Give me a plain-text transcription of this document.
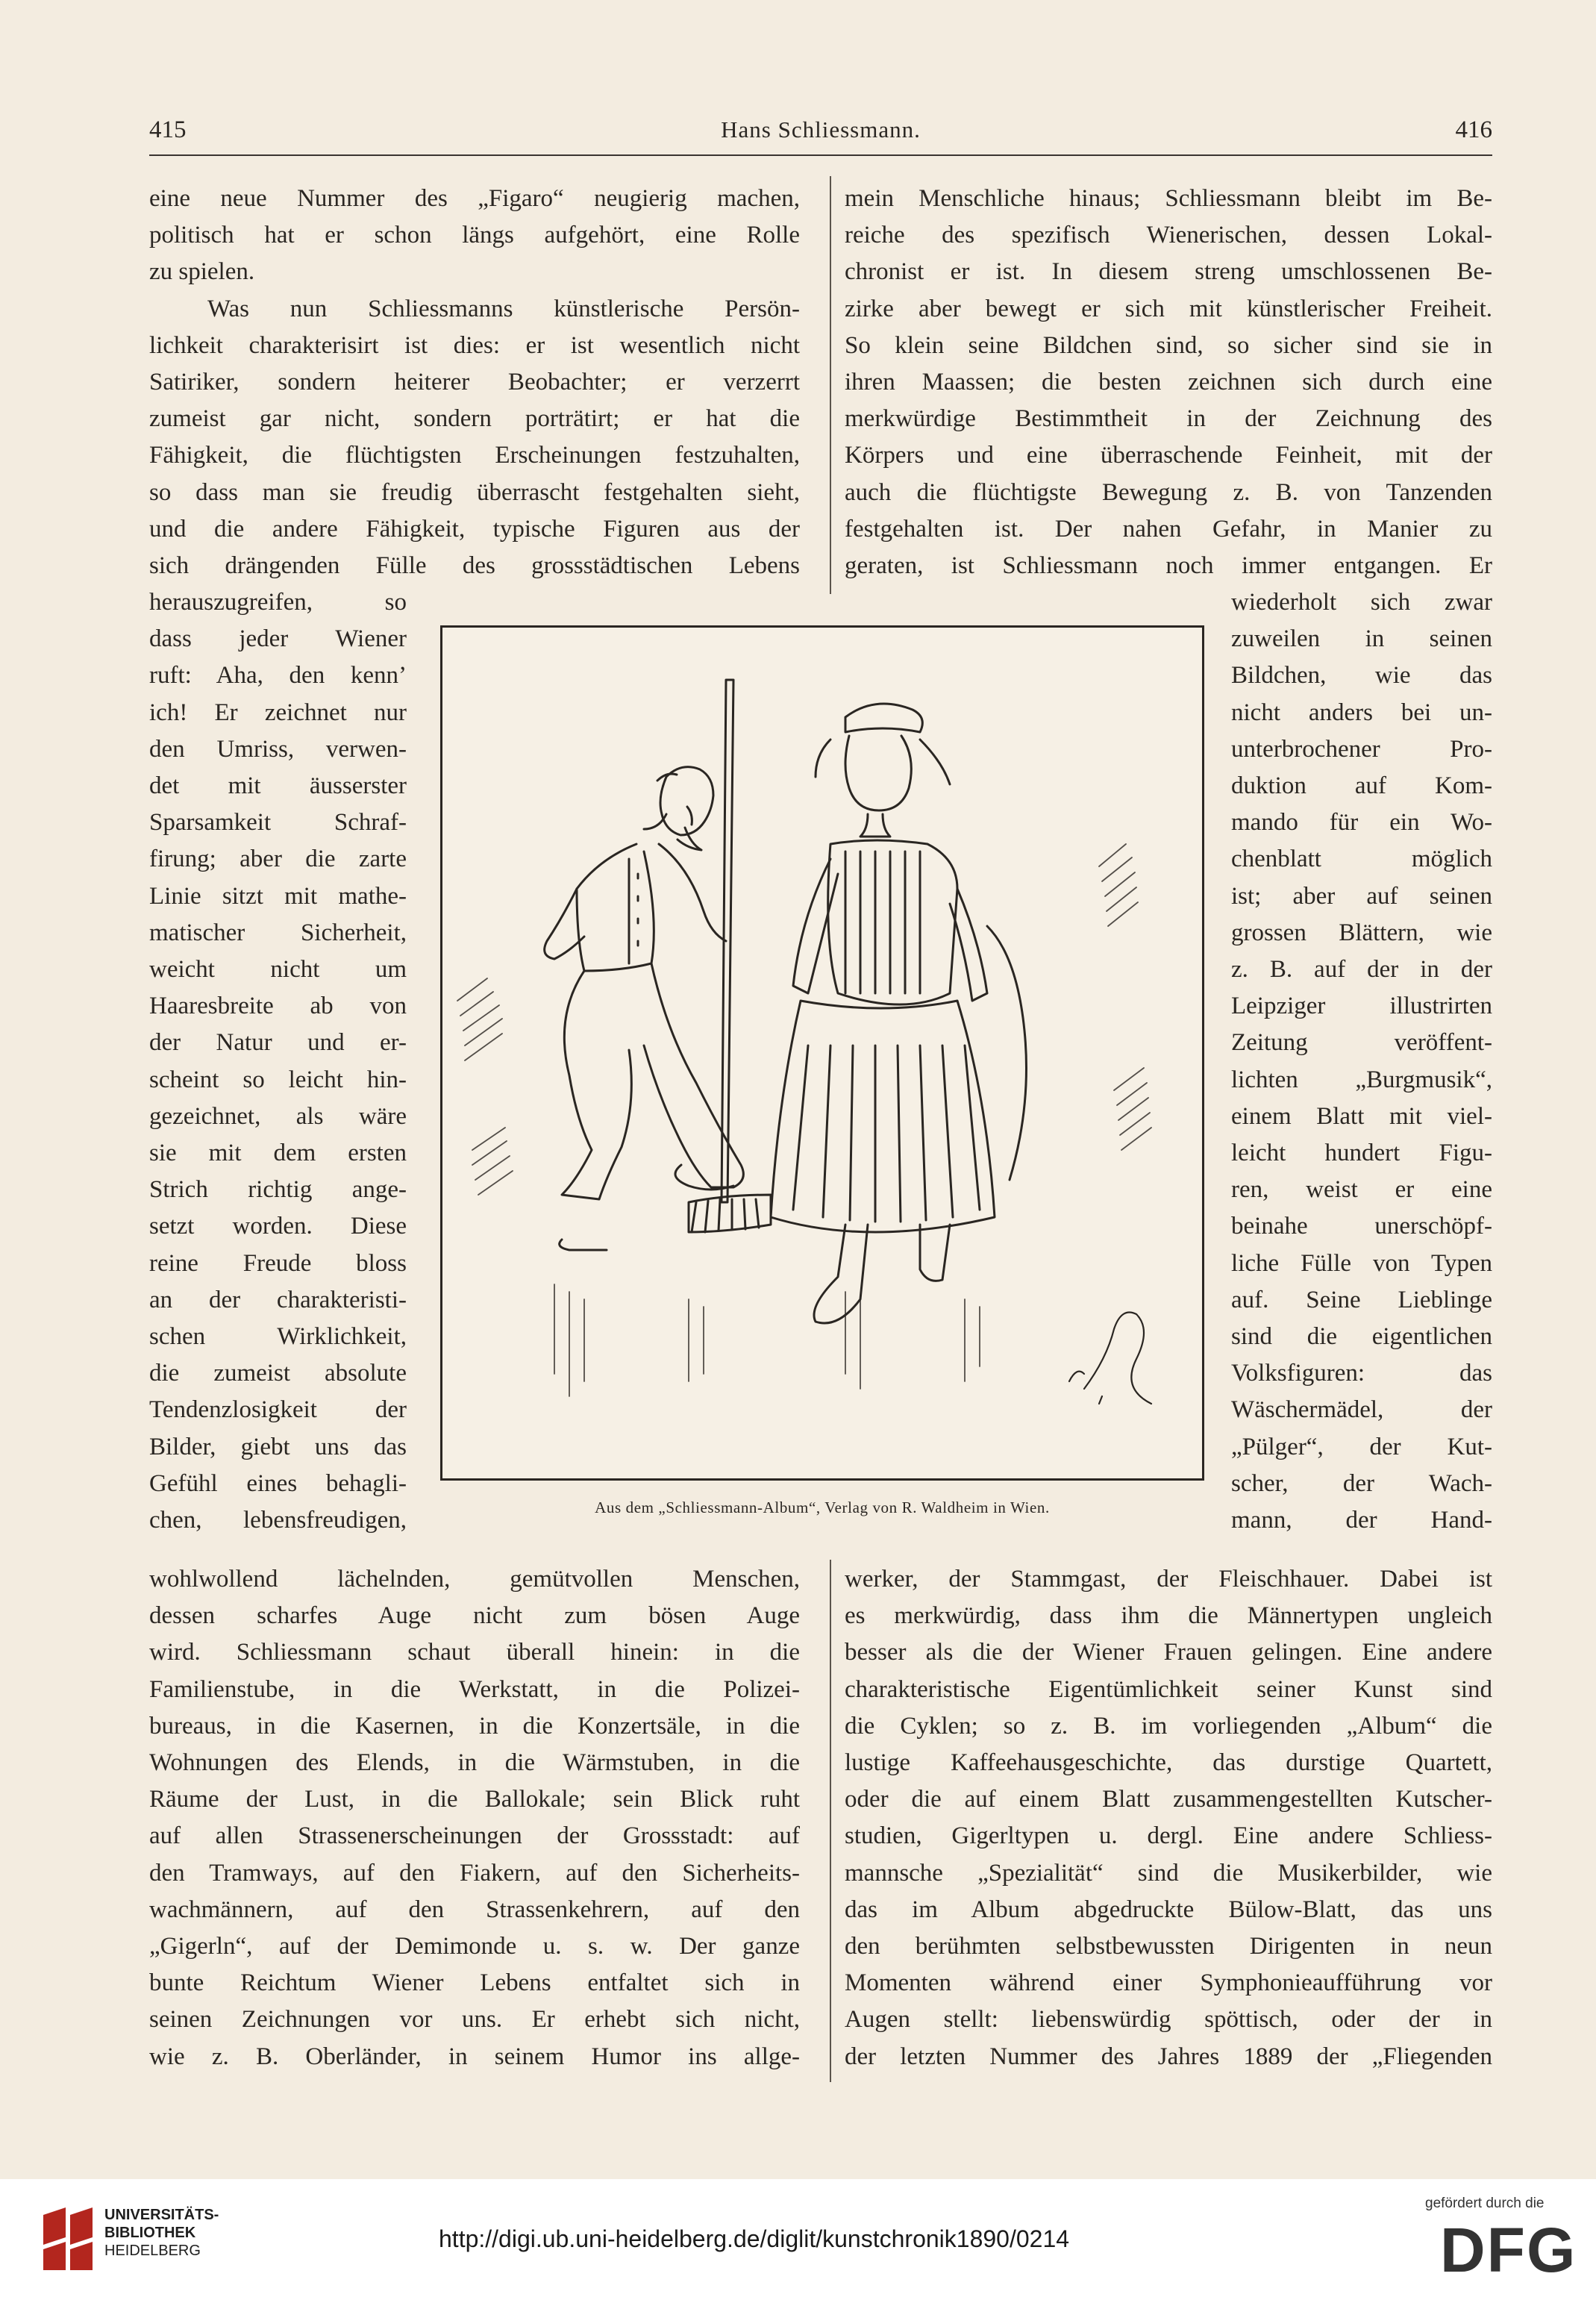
415	Hans Schliessmann.	416
eine neue Nummer des „Figaro“ neugierig machen,
politisch hat er schon längs aufgehört, eine Rolle
zu spielen.
Was nun Schliessmanns künstlerische Persön-
lichkeit charakterisirt ist dies: er ist wesentlich nicht
Satiriker, sondern heiterer Beobachter; er verzerrt
zumeist gar nicht, sondern porträtirt; er hat die
Fähigkeit, die flüchtigsten Erscheinungen festzuhalten,
so dass man sie freudig überrascht festgehalten sieht,
und die andere Fähigkeit, typische Figuren aus der
sich drängenden Fülle des grossstädtischen Lebens
mein Menschliche hinaus; Schliessmann bleibt im Be-
reiche des spezifisch Wienerischen, dessen Lokal-
chronist er ist. In diesem streng umschlossenen Be-
zirke aber bewegt er sich mit künstlerischer Freiheit.
So klein seine Bildchen sind, so sicher sind sie in
ihren Maassen; die besten zeichnen sich durch eine
merkwürdige Bestimmtheit in der Zeichnung des
Körpers und eine überraschende Feinheit, mit der
auch die flüchtigste Bewegung z. B. von Tanzenden
festgehalten ist. Der nahen Gefahr, in Manier zu
geraten, ist Schliessmann noch immer entgangen. Er
herauszugreifen, so
dass jeder Wiener
ruft: Aha, den kenn’
ich! Er zeichnet nur
den Umriss, verwen-
det mit äusserster
Sparsamkeit Schraf-
firung; aber die zarte
Linie sitzt mit mathe-
matischer Sicherheit,
weicht nicht um
Haaresbreite ab von
der Natur und er-
scheint so leicht hin-
gezeichnet, als wäre
sie mit dem ersten
Strich richtig ange-
setzt worden. Diese
reine Freude bloss
an der charakteristi-
schen Wirklichkeit,
die zumeist absolute
Tendenzlosigkeit der
Bilder, giebt uns das
Gefühl eines behagli-
chen, lebensfreudigen,
wiederholt sich zwar
zuweilen in seinen
Bildchen, wie das
nicht anders bei un-
unterbrochener Pro-
duktion auf Kom-
mando für ein Wo-
chenblatt möglich
ist; aber auf seinen
grossen Blättern, wie
z. B. auf der in der
Leipziger illustrirten
Zeitung veröffent-
lichten „Burgmusik“,
einem Blatt mit viel-
leicht hundert Figu-
ren, weist er eine
beinahe unerschöpf-
liche Fülle von Typen
auf. Seine Lieblinge
sind die eigentlichen
Volksfiguren: das
Wäschermädel, der
„Pülger“, der Kut-
scher, der Wach-
mann, der Hand-
wohlwollend lächelnden, gemütvollen Menschen,
dessen scharfes Auge nicht zum bösen Auge
wird. Schliessmann schaut überall hinein: in die
Familienstube, in die Werkstatt, in die Polizei-
bureaus, in die Kasernen, in die Konzertsäle, in die
Wohnungen des Elends, in die Wärmstuben, in die
Räume der Lust, in die Ballokale; sein Blick ruht
auf allen Strassenerscheinungen der Grossstadt: auf
den Tramways, auf den Fiakern, auf den Sicherheits-
wachmännern, auf den Strassenkehrern, auf den
„Gigerln“, auf der Demimonde u. s. w. Der ganze
bunte Reichtum Wiener Lebens entfaltet sich in
seinen Zeichnungen vor uns. Er erhebt sich nicht,
wie z. B. Oberländer, in seinem Humor ins allge-
werker, der Stammgast, der Fleischhauer. Dabei ist
es merkwürdig, dass ihm die Männertypen ungleich
besser als die der Wiener Frauen gelingen. Eine andere
charakteristische Eigentümlichkeit seiner Kunst sind
die Cyklen; so z. B. im vorliegenden „Album“ die
lustige Kaffeehausgeschichte, das durstige Quartett,
oder die auf einem Blatt zusammengestellten Kutscher-
studien, Gigerltypen u. dergl. Eine andere Schliess-
mannsche „Spezialität“ sind die Musikerbilder, wie
das im Album abgedruckte Bülow-Blatt, das uns
den berühmten selbstbewussten Dirigenten in neun
Momenten während einer Symphonieaufführung vor
Augen stellt: liebenswürdig spöttisch, oder der in
der letzten Nummer des Jahres 1889 der „Fliegenden
Aus dem „Schliessmann-Album“, Verlag von R. Waldheim in Wien.
UNIVERSITÄTS-
BIBLIOTHEK
HEIDELBERG	http://digi.ub.uni-heidelberg.de/diglit/kunstchronik1890/0214
gefördert durch die
DFG
